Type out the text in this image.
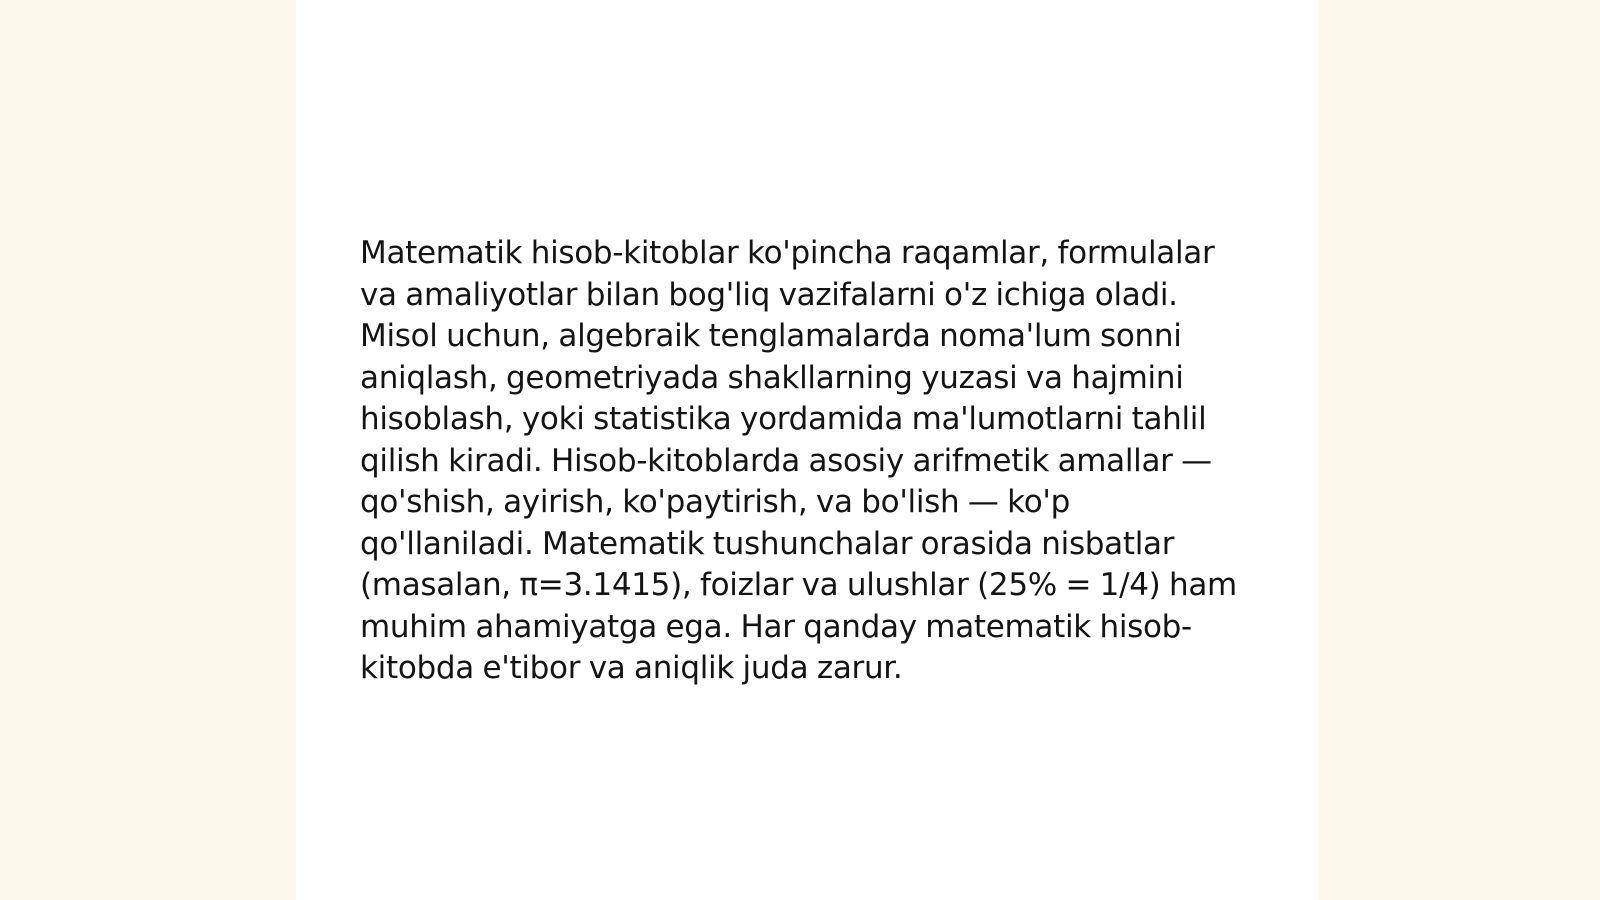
Matematik hisob-kitoblar ko'pincha raqamlar, formulalar va amaliyotlar bilan bog'liq vazifalarni o'z ichiga oladi. Misol uchun, algebraik tenglamalarda noma'lum sonni aniqlash, geometriyada shakllarning yuzasi va hajmini hisoblash, yoki statistika yordamida ma'lumotlarni tahlil qilish kiradi. Hisob-kitoblarda asosiy arifmetik amallar — qo'shish, ayirish, ko'paytirish, va bo'lish — ko'p qo'llaniladi. Matematik tushunchalar orasida nisbatlar (masalan, π=3.1415), foizlar va ulushlar (25% = 1/4) ham muhim ahamiyatga ega. Har qanday matematik hisob-kitobda e'tibor va aniqlik juda zarur.
